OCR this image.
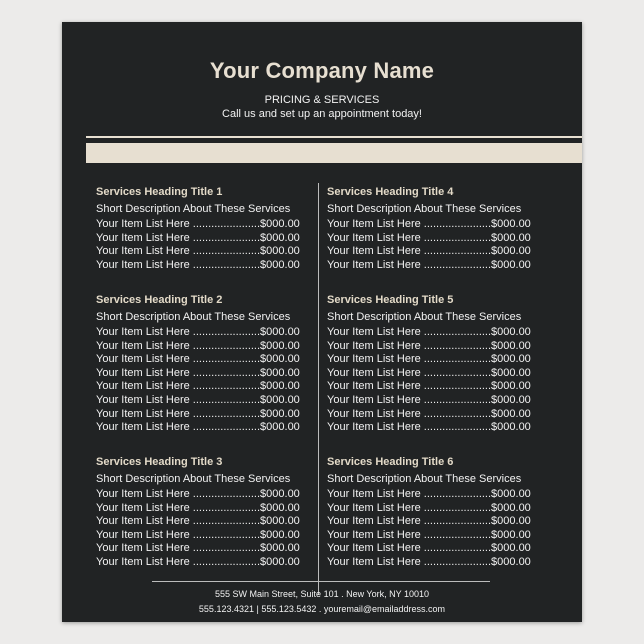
Your Company Name
PRICING & SERVICES
Call us and set up an appointment today!
Services Heading Title 1
Short Description About These Services
Your Item List Here ......................$000.00
Your Item List Here ......................$000.00
Your Item List Here ......................$000.00
Your Item List Here ......................$000.00
Services Heading Title 2
Short Description About These Services
Your Item List Here ......................$000.00
Your Item List Here ......................$000.00
Your Item List Here ......................$000.00
Your Item List Here ......................$000.00
Your Item List Here ......................$000.00
Your Item List Here ......................$000.00
Your Item List Here ......................$000.00
Your Item List Here ......................$000.00
Services Heading Title 3
Short Description About These Services
Your Item List Here ......................$000.00
Your Item List Here ......................$000.00
Your Item List Here ......................$000.00
Your Item List Here ......................$000.00
Your Item List Here ......................$000.00
Your Item List Here ......................$000.00
Services Heading Title 4
Short Description About These Services
Your Item List Here ......................$000.00
Your Item List Here ......................$000.00
Your Item List Here ......................$000.00
Your Item List Here ......................$000.00
Services Heading Title 5
Short Description About These Services
Your Item List Here ......................$000.00
Your Item List Here ......................$000.00
Your Item List Here ......................$000.00
Your Item List Here ......................$000.00
Your Item List Here ......................$000.00
Your Item List Here ......................$000.00
Your Item List Here ......................$000.00
Your Item List Here ......................$000.00
Services Heading Title 6
Short Description About These Services
Your Item List Here ......................$000.00
Your Item List Here ......................$000.00
Your Item List Here ......................$000.00
Your Item List Here ......................$000.00
Your Item List Here ......................$000.00
Your Item List Here ......................$000.00
555 SW Main Street, Suite 101 . New York, NY 10010
555.123.4321 | 555.123.5432 . youremail@emailaddress.com
